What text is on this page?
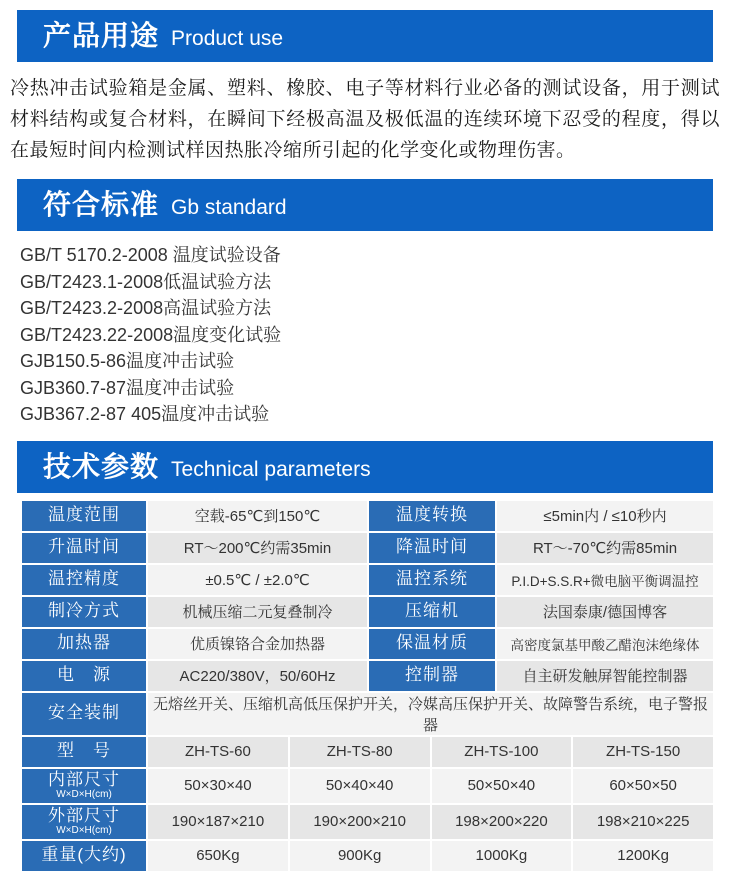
产品用途 Product use

冷热冲击试验箱是金属、塑料、橡胶、电子等材料行业必备的测试设备，用于测试材料结构或复合材料，在瞬间下经极高温及极低温的连续环境下忍受的程度，得以在最短时间内检测试样因热胀冷缩所引起的化学变化或物理伤害。

符合标准 Gb standard
GB/T 5170.2-2008 温度试验设备
GB/T2423.1-2008低温试验方法
GB/T2423.2-2008高温试验方法
GB/T2423.22-2008温度变化试验
GJB150.5-86温度冲击试验
GJB360.7-87温度冲击试验
GJB367.2-87 405温度冲击试验
技术参数 Technical parameters
温度范围	空载-65℃到150℃	温度转换	≤5min内 / ≤10秒内
升温时间	RT～200℃约需35min	降温时间	RT～-70℃约需85min
温控精度	±0.5℃ / ±2.0℃	温控系统	P.I.D+S.S.R+微电脑平衡调温控
制冷方式	机械压缩二元复叠制冷	压缩机	法国泰康/德国博客
加热器	优质镍铬合金加热器	保温材质	高密度氯基甲酸乙醋泡沫绝缘体
电　源	AC220/380V，50/60Hz	控制器	自主研发触屏智能控制器
安全装制	无熔丝开关、压缩机高低压保护开关，冷媒高压保护开关、故障警告系统，电子警报器
型　号	ZH-TS-60	ZH-TS-80	ZH-TS-100	ZH-TS-150
内部尺寸
W×D×H(cm)
50×30×40	50×40×40	50×50×40	60×50×50
外部尺寸
W×D×H(cm)
190×187×210	190×200×210	198×200×220	198×210×225
重量(大约)	650Kg	900Kg	1000Kg	1200Kg
